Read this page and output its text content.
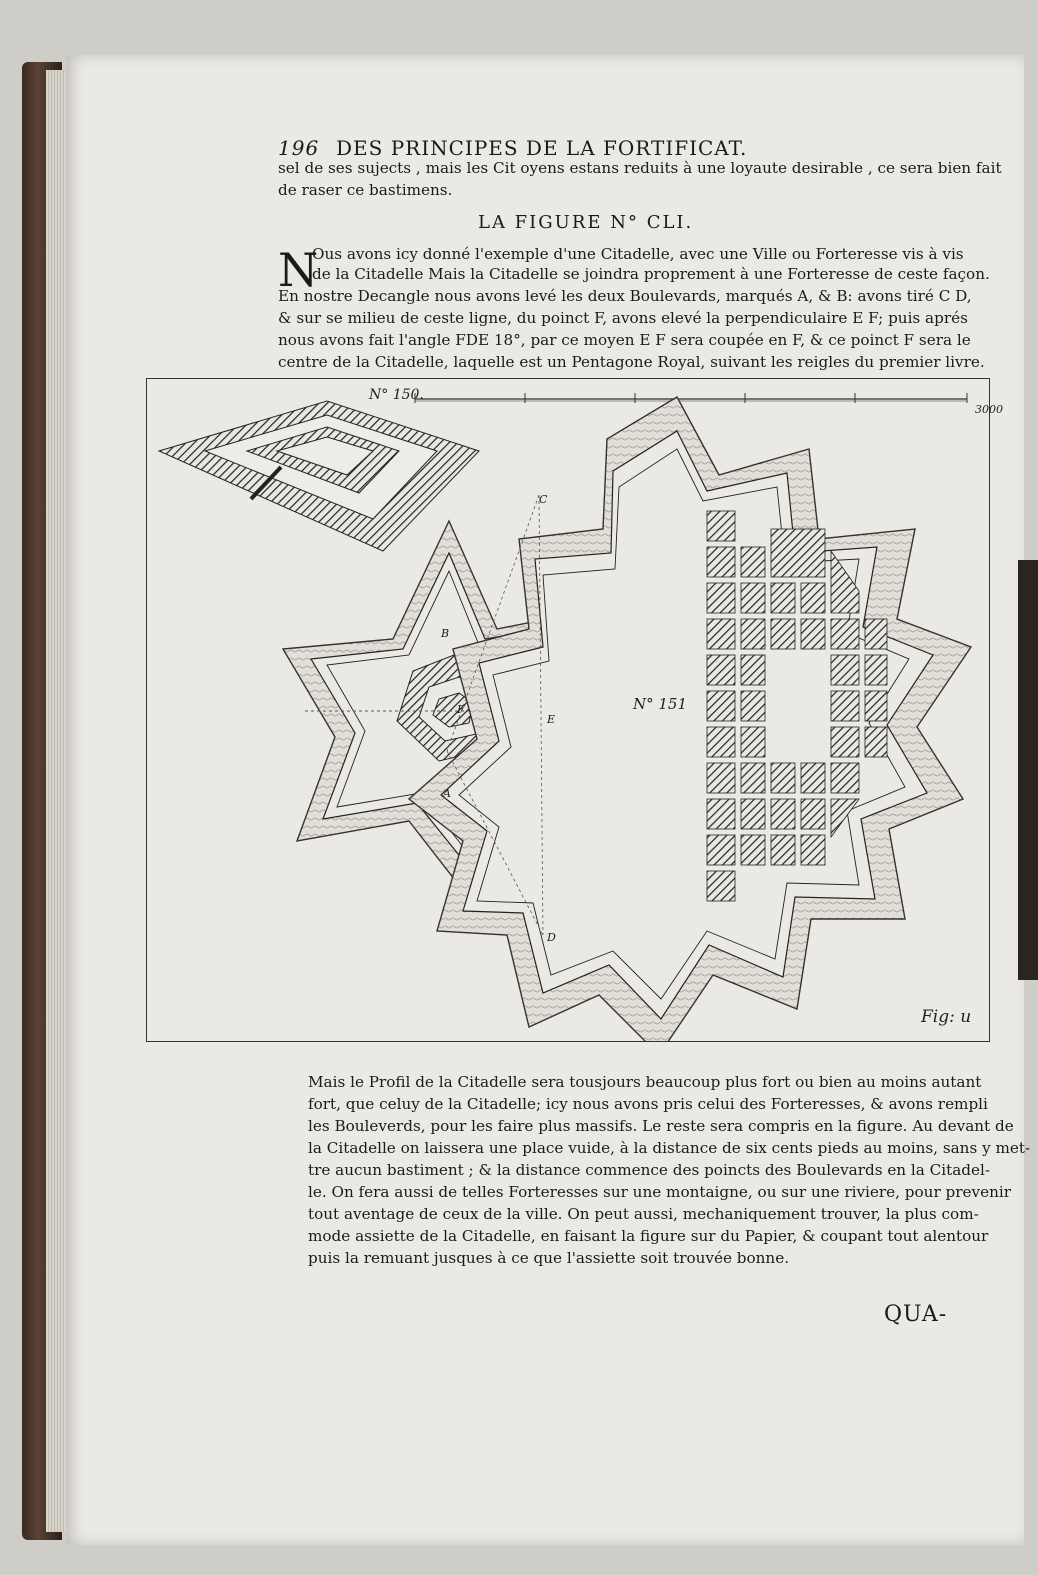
196 DES PRINCIPES DE LA FORTIFICAT.
sel de ses sujects , mais les Cit oyens estans reduits à une loyaute desirable , ce sera bien fait
de raser ce bastimens.
LA FIGURE N° CLI.
N
Ous avons icy donné l'exemple d'une Citadelle, avec une Ville ou Forteresse vis à vis
de la Citadelle Mais la Citadelle se joindra proprement à une Forteresse de ceste façon.
En nostre Decangle nous avons levé les deux Boulevards, marqués A, & B: avons tiré C D,
& sur se milieu de ceste ligne, du poinct F, avons elevé la perpendiculaire E F; puis aprés
nous avons fait l'angle FDE 18°, par ce moyen E F sera coupée en F, & ce poinct F sera le
centre de la Citadelle, laquelle est un Pentagone Royal, suivant les reigles du premier livre.
N° 150.
3000
N° 151
Fig: u
A
B
C
D
E
F
Mais le Profil de la Citadelle sera tousjours beaucoup plus fort ou bien au moins autant
fort, que celuy de la Citadelle; icy nous avons pris celui des Forteresses, & avons rempli
les Bouleverds, pour les faire plus massifs. Le reste sera compris en la figure. Au devant de
la Citadelle on laissera une place vuide, à la distance de six cents pieds au moins, sans y met-
tre aucun bastiment ; & la distance commence des poincts des Boulevards en la Citadel-
le. On fera aussi de telles Forteresses sur une montaigne, ou sur une riviere, pour prevenir
tout aventage de ceux de la ville. On peut aussi, mechaniquement trouver, la plus com-
mode assiette de la Citadelle, en faisant la figure sur du Papier, & coupant tout alentour
puis la remuant jusques à ce que l'assiette soit trouvée bonne.
QUA-
